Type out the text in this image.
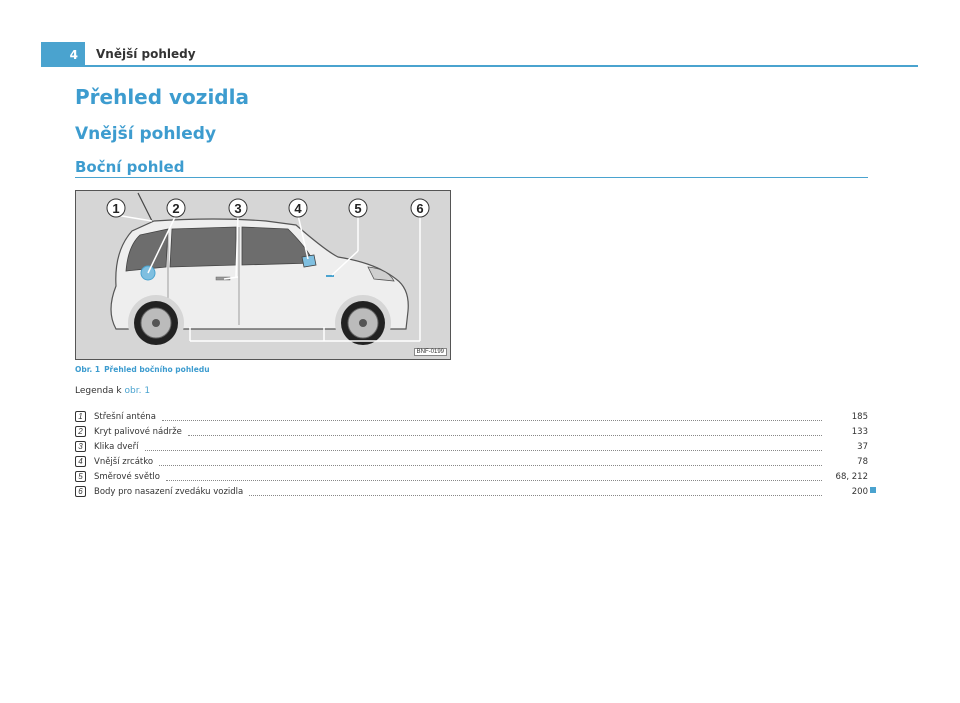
4	Vnější pohledy
Přehled vozidla
Vnější pohledy
Boční pohled
1	2	3	4	5	6
BNF-0199
Obr. 1 Přehled bočního pohledu
Legenda k obr. 1
1	Střešní anténa	185
2	Kryt palivové nádrže	133
3	Klika dveří	37
4	Vnější zrcátko	78
5	Směrové světlo	68, 212
6	Body pro nasazení zvedáku vozidla	200
